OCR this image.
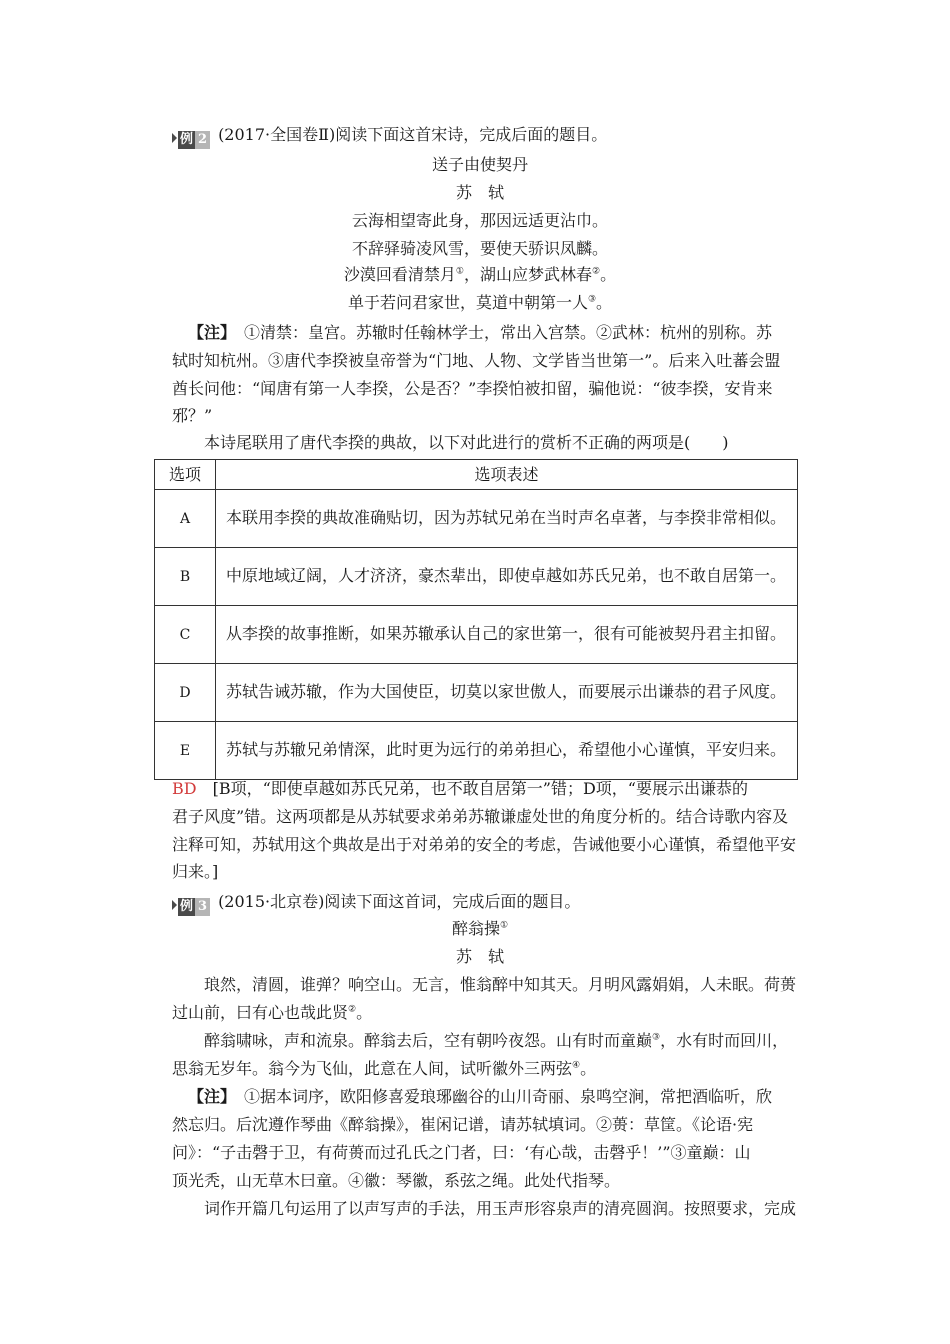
例 2 (2017·全国卷Ⅱ)阅读下面这首宋诗，完成后面的题目。
送子由使契丹
苏　轼
云海相望寄此身，那因远适更沾巾。
不辞驿骑凌风雪，要使天骄识凤麟。
沙漠回看清禁月①，湖山应梦武林春②。
单于若问君家世，莫道中朝第一人③。
【注】　 ①清禁：皇宫。苏辙时任翰林学士，常出入宫禁。②武林：杭州的别称。苏
轼时知杭州。③唐代李揆被皇帝誉为“门地、人物、文学皆当世第一”。后来入吐蕃会盟
酋长问他：“闻唐有第一人李揆，公是否？”李揆怕被扣留，骗他说：“彼李揆，安肯来
邪？”
本诗尾联用了唐代李揆的典故，以下对此进行的赏析不正确的两项是(　　)
选项	选项表述
A	本联用李揆的典故准确贴切，因为苏轼兄弟在当时声名卓著，与李揆非常相似。
B	中原地域辽阔，人才济济，豪杰辈出，即使卓越如苏氏兄弟，也不敢自居第一。
C	从李揆的故事推断，如果苏辙承认自己的家世第一，很有可能被契丹君主扣留。
D	苏轼告诫苏辙，作为大国使臣，切莫以家世傲人，而要展示出谦恭的君子风度。
E	苏轼与苏辙兄弟情深，此时更为远行的弟弟担心，希望他小心谨慎，平安归来。
BD　 [B项，“即使卓越如苏氏兄弟，也不敢自居第一”错；D项，“要展示出谦恭的
君子风度”错。这两项都是从苏轼要求弟弟苏辙谦虚处世的角度分析的。结合诗歌内容及
注释可知，苏轼用这个典故是出于对弟弟的安全的考虑，告诫他要小心谨慎，希望他平安
归来。]
例 3 (2015·北京卷)阅读下面这首词，完成后面的题目。
醉翁操①
苏　轼
琅然，清圆，谁弹？响空山。无言，惟翁醉中知其天。月明风露娟娟，人未眠。荷蒉
过山前，曰有心也哉此贤②。
醉翁啸咏，声和流泉。醉翁去后，空有朝吟夜怨。山有时而童巅③，水有时而回川，
思翁无岁年。翁今为飞仙，此意在人间，试听徽外三两弦④。
【注】　 ①据本词序，欧阳修喜爱琅琊幽谷的山川奇丽、泉鸣空涧，常把酒临听，欣
然忘归。后沈遵作琴曲《醉翁操》，崔闲记谱，请苏轼填词。②蒉：草筐。《论语·宪
问》：“子击磬于卫，有荷蒉而过孔氏之门者，曰：‘有心哉，击磬乎！’”③童巅：山
顶光秃，山无草木曰童。④徽：琴徽，系弦之绳。此处代指琴。
词作开篇几句运用了以声写声的手法，用玉声形容泉声的清亮圆润。按照要求，完成
